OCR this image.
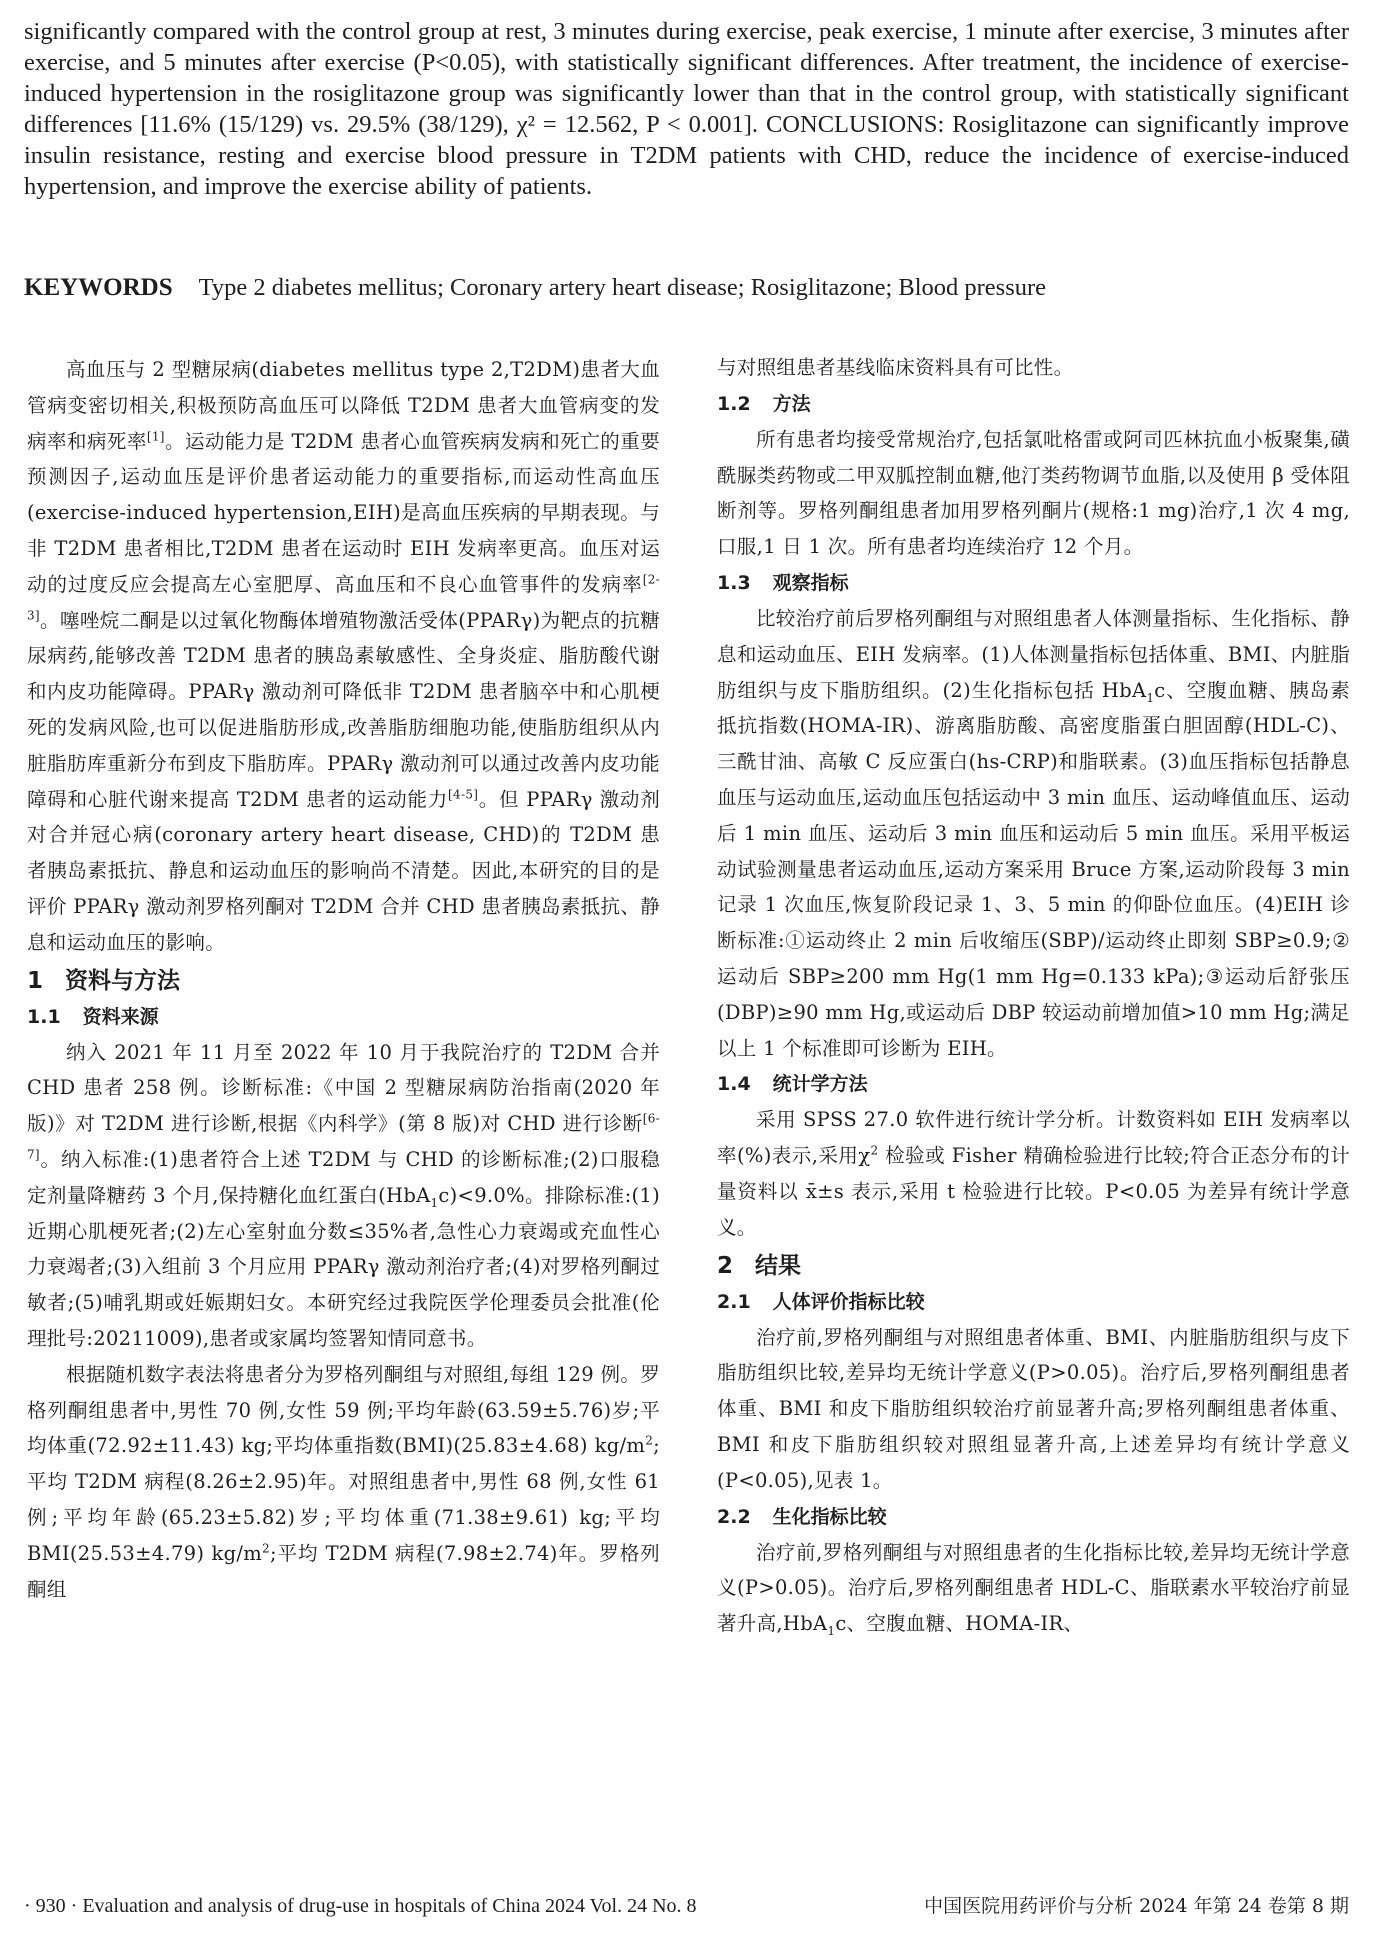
significantly compared with the control group at rest, 3 minutes during exercise, peak exercise, 1 minute after exercise, 3 minutes after exercise, and 5 minutes after exercise (P<0.05), with statistically significant differences. After treatment, the incidence of exercise-induced hypertension in the rosiglitazone group was significantly lower than that in the control group, with statistically significant differences [11.6% (15/129) vs. 29.5% (38/129), χ² = 12.562, P < 0.001]. CONCLUSIONS: Rosiglitazone can significantly improve insulin resistance, resting and exercise blood pressure in T2DM patients with CHD, reduce the incidence of exercise-induced hypertension, and improve the exercise ability of patients.

KEYWORDS Type 2 diabetes mellitus; Coronary artery heart disease; Rosiglitazone; Blood pressure

高血压与 2 型糖尿病(diabetes mellitus type 2,T2DM)患者大血管病变密切相关,积极预防高血压可以降低 T2DM 患者大血管病变的发病率和病死率[1]。运动能力是 T2DM 患者心血管疾病发病和死亡的重要预测因子,运动血压是评价患者运动能力的重要指标,而运动性高血压(exercise-induced hypertension,EIH)是高血压疾病的早期表现。与非 T2DM 患者相比,T2DM 患者在运动时 EIH 发病率更高。血压对运动的过度反应会提高左心室肥厚、高血压和不良心血管事件的发病率[2-3]。噻唑烷二酮是以过氧化物酶体增殖物激活受体(PPARγ)为靶点的抗糖尿病药,能够改善 T2DM 患者的胰岛素敏感性、全身炎症、脂肪酸代谢和内皮功能障碍。PPARγ 激动剂可降低非 T2DM 患者脑卒中和心肌梗死的发病风险,也可以促进脂肪形成,改善脂肪细胞功能,使脂肪组织从内脏脂肪库重新分布到皮下脂肪库。PPARγ 激动剂可以通过改善内皮功能障碍和心脏代谢来提高 T2DM 患者的运动能力[4-5]。但 PPARγ 激动剂对合并冠心病(coronary artery heart disease, CHD)的 T2DM 患者胰岛素抵抗、静息和运动血压的影响尚不清楚。因此,本研究的目的是评价 PPARγ 激动剂罗格列酮对 T2DM 合并 CHD 患者胰岛素抵抗、静息和运动血压的影响。

1 资料与方法
1.1 资料来源

纳入 2021 年 11 月至 2022 年 10 月于我院治疗的 T2DM 合并 CHD 患者 258 例。诊断标准:《中国 2 型糖尿病防治指南(2020 年版)》对 T2DM 进行诊断,根据《内科学》(第 8 版)对 CHD 进行诊断[6-7]。纳入标准:(1)患者符合上述 T2DM 与 CHD 的诊断标准;(2)口服稳定剂量降糖药 3 个月,保持糖化血红蛋白(HbA$_1$c)<9.0%。排除标准:(1)近期心肌梗死者;(2)左心室射血分数≤35%者,急性心力衰竭或充血性心力衰竭者;(3)入组前 3 个月应用 PPARγ 激动剂治疗者;(4)对罗格列酮过敏者;(5)哺乳期或妊娠期妇女。本研究经过我院医学伦理委员会批准(伦理批号:20211009),患者或家属均签署知情同意书。

根据随机数字表法将患者分为罗格列酮组与对照组,每组 129 例。罗格列酮组患者中,男性 70 例,女性 59 例;平均年龄(63.59±5.76)岁;平均体重(72.92±11.43) kg;平均体重指数(BMI)(25.83±4.68) $kg/m^2$;平均 T2DM 病程(8.26±2.95)年。对照组患者中,男性 68 例,女性 61 例;平均年龄(65.23±5.82)岁;平均体重(71.38±9.61) kg;平均 BMI(25.53±4.79) $kg/m^2$;平均 T2DM 病程(7.98±2.74)年。罗格列酮组

与对照组患者基线临床资料具有可比性。

1.2 方法

所有患者均接受常规治疗,包括氯吡格雷或阿司匹林抗血小板聚集,磺酰脲类药物或二甲双胍控制血糖,他汀类药物调节血脂,以及使用 β 受体阻断剂等。罗格列酮组患者加用罗格列酮片(规格:1 mg)治疗,1 次 4 mg,口服,1 日 1 次。所有患者均连续治疗 12 个月。

1.3 观察指标

比较治疗前后罗格列酮组与对照组患者人体测量指标、生化指标、静息和运动血压、EIH 发病率。(1)人体测量指标包括体重、BMI、内脏脂肪组织与皮下脂肪组织。(2)生化指标包括 HbA$_1$c、空腹血糖、胰岛素抵抗指数(HOMA-IR)、游离脂肪酸、高密度脂蛋白胆固醇(HDL-C)、三酰甘油、高敏 C 反应蛋白(hs-CRP)和脂联素。(3)血压指标包括静息血压与运动血压,运动血压包括运动中 3 min 血压、运动峰值血压、运动后 1 min 血压、运动后 3 min 血压和运动后 5 min 血压。采用平板运动试验测量患者运动血压,运动方案采用 Bruce 方案,运动阶段每 3 min 记录 1 次血压,恢复阶段记录 1、3、5 min 的仰卧位血压。(4)EIH 诊断标准:①运动终止 2 min 后收缩压(SBP)/运动终止即刻 SBP≥0.9;②运动后 SBP≥200 mm Hg(1 mm Hg=0.133 kPa);③运动后舒张压(DBP)≥90 mm Hg,或运动后 DBP 较运动前增加值>10 mm Hg;满足以上 1 个标准即可诊断为 EIH。

1.4 统计学方法

采用 SPSS 27.0 软件进行统计学分析。计数资料如 EIH 发病率以率(%)表示,采用$\chi^2$ 检验或 Fisher 精确检验进行比较;符合正态分布的计量资料以 x̄±s 表示,采用 t 检验进行比较。P<0.05 为差异有统计学意义。

2 结果
2.1 人体评价指标比较

治疗前,罗格列酮组与对照组患者体重、BMI、内脏脂肪组织与皮下脂肪组织比较,差异均无统计学意义(P>0.05)。治疗后,罗格列酮组患者体重、BMI 和皮下脂肪组织较治疗前显著升高;罗格列酮组患者体重、BMI 和皮下脂肪组织较对照组显著升高,上述差异均有统计学意义(P<0.05),见表 1。

2.2 生化指标比较

治疗前,罗格列酮组与对照组患者的生化指标比较,差异均无统计学意义(P>0.05)。治疗后,罗格列酮组患者 HDL-C、脂联素水平较治疗前显著升高,HbA$_1$c、空腹血糖、HOMA-IR、

· 930 · Evaluation and analysis of drug-use in hospitals of China 2024 Vol. 24 No. 8	中国医院用药评价与分析 2024 年第 24 卷第 8 期
